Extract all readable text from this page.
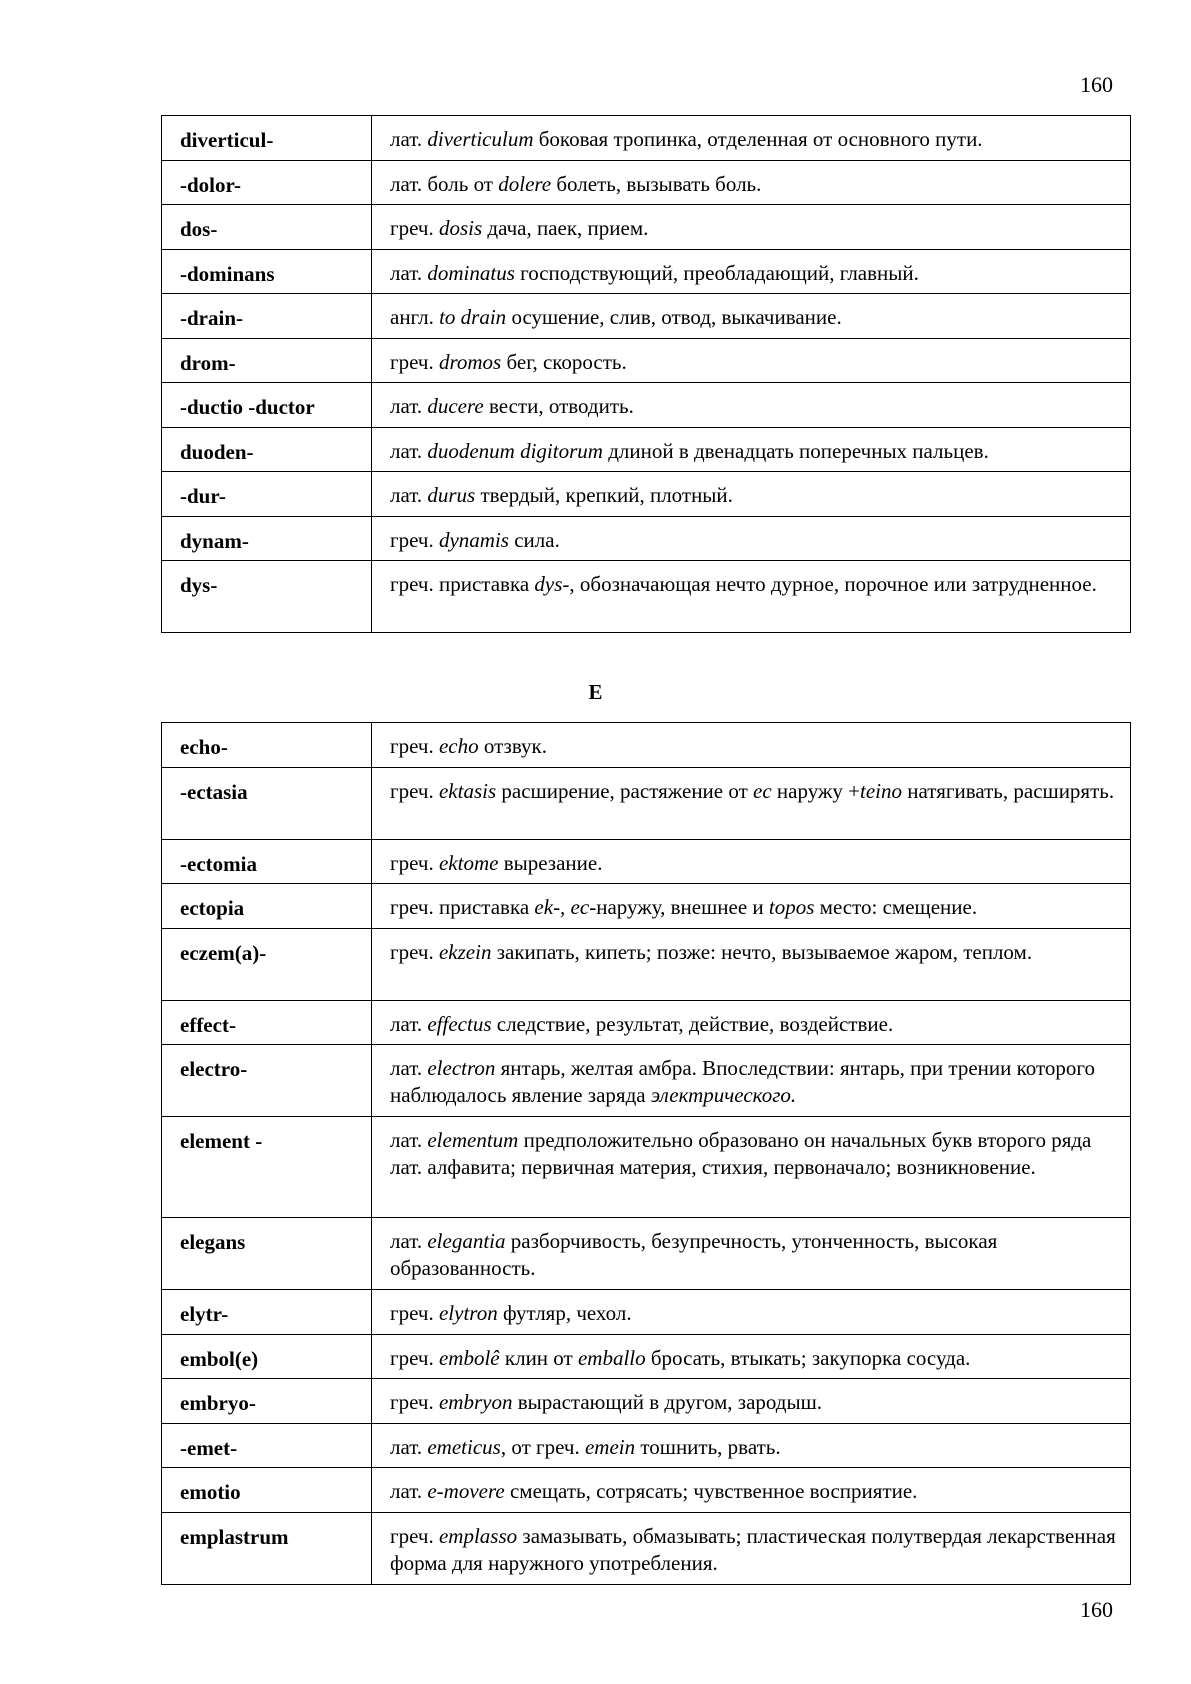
160
diverticul-	лат. diverticulum боковая тропинка, отделенная от основного пути.
-dolor-	лат. боль от dolere болеть, вызывать боль.
dos-	греч. dosis дача, паек, прием.
-dominans	лат. dominatus господствующий, преобладающий, главный.
-drain-	англ. to drain осушение, слив, отвод, выкачивание.
drom-	греч. dromos бег, скорость.
-ductio -ductor	лат. ducere вести, отводить.
duoden-	лат. duodenum digitorum длиной в двенадцать поперечных пальцев.
-dur-	лат. durus твердый, крепкий, плотный.
dynam-	греч. dynamis сила.
dys-	греч. приставка dys-, обозначающая нечто дурное, порочное или затрудненное.
E
echo-	греч. echo отзвук.
-ectasia	греч. ektasis расширение, растяжение от ec наружу +teino натягивать, расширять.
-ectomia	греч. ektome вырезание.
ectopia	греч. приставка ek-, ec-наружу, внешнее и topos место: смещение.
eczem(a)-	греч. ekzein закипать, кипеть; позже: нечто, вызываемое жаром, теплом.
effect-	лат. effectus следствие, результат, действие, воздействие.
electro-	лат. electron янтарь, желтая амбра. Впоследствии: янтарь, при трении которого наблюдалось явление заряда электрического.
element -	лат. elementum предположительно образовано он начальных букв второго ряда лат. алфавита; первичная материя, стихия, первоначало; возникновение.
elegans	лат. elegantia разборчивость, безупречность, утонченность, высокая образованность.
elytr-	греч. elytron футляр, чехол.
embol(e)	греч. embolê клин от emballo бросать, втыкать; закупорка сосуда.
embryo-	греч. embryon вырастающий в другом, зародыш.
-emet-	лат. emeticus, от греч. emein тошнить, рвать.
emotio	лат. e-movere смещать, сотрясать; чувственное восприятие.
emplastrum	греч. emplasso замазывать, обмазывать; пластическая полутвердая лекарственная форма для наружного употребления.
160
